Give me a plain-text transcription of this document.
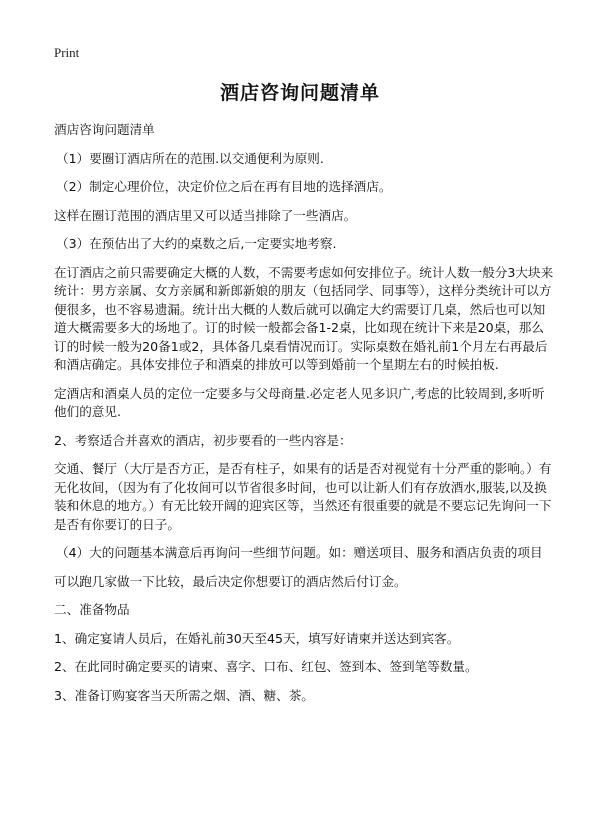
Print
酒店咨询问题清单

酒店咨询问题清单

（1）要圈订酒店所在的范围.以交通便利为原则.

（2）制定心理价位，决定价位之后在再有目地的选择酒店。

这样在圈订范围的酒店里又可以适当排除了一些酒店。

（3）在预估出了大约的桌数之后,一定要实地考察.

在订酒店之前只需要确定大概的人数，不需要考虑如何安排位子。统计人数一般分3大块来统计：男方亲属、女方亲属和新郎新娘的朋友（包括同学、同事等），这样分类统计可以方便很多，也不容易遗漏。统计出大概的人数后就可以确定大约需要订几桌，然后也可以知道大概需要多大的场地了。订的时候一般都会备1-2桌，比如现在统计下来是20桌，那么订的时候一般为20备1或2，具体备几桌看情况而订。实际桌数在婚礼前1个月左右再最后和酒店确定。具体安排位子和酒桌的排放可以等到婚前一个星期左右的时候拍板.

定酒店和酒桌人员的定位一定要多与父母商量.必定老人见多识广,考虑的比较周到,多听听他们的意见.

2、考察适合并喜欢的酒店，初步要看的一些内容是：

交通、餐厅（大厅是否方正，是否有柱子，如果有的话是否对视觉有十分严重的影响。）有无化妆间，（因为有了化妆间可以节省很多时间，也可以让新人们有存放酒水,服装,以及换装和休息的地方。）有无比较开阔的迎宾区等，当然还有很重要的就是不要忘记先询问一下是否有你要订的日子。

（4）大的问题基本满意后再询问一些细节问题。如：赠送项目、服务和酒店负责的项目

可以跑几家做一下比较，最后决定你想要订的酒店然后付订金。

二、准备物品

1、确定宴请人员后，在婚礼前30天至45天，填写好请柬并送达到宾客。

2、在此同时确定要买的请柬、喜字、口布、红包、签到本、签到笔等数量。

3、准备订购宴客当天所需之烟、酒、糖、茶。
